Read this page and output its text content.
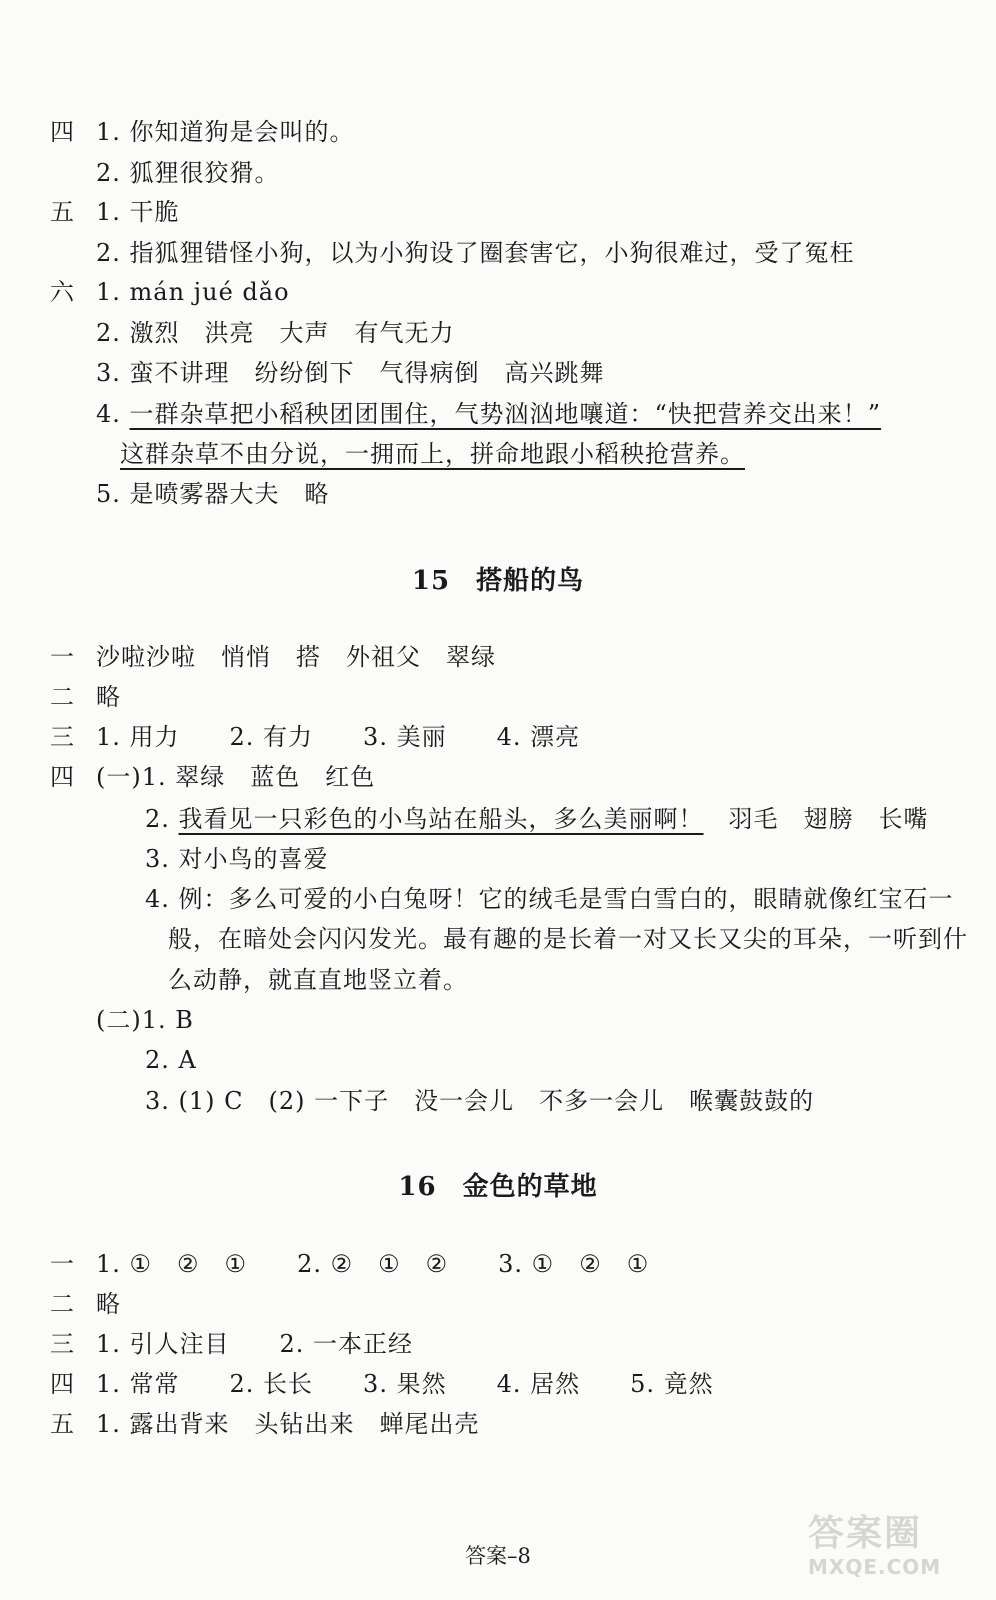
四 1. 你知道狗是会叫的。
2. 狐狸很狡猾。
五 1. 干脆
2. 指狐狸错怪小狗，以为小狗设了圈套害它，小狗很难过，受了冤枉
六 1. mán jué dǎo
2. 激烈　洪亮　大声　有气无力
3. 蛮不讲理　纷纷倒下　气得病倒　高兴跳舞
4. 一群杂草把小稻秧团团围住，气势汹汹地嚷道：“快把营养交出来！”
这群杂草不由分说，一拥而上，拼命地跟小稻秧抢营养。
5. 是喷雾器大夫　略
15 搭船的鸟
一 沙啦沙啦　悄悄　搭　外祖父　翠绿
二 略
三 1. 用力　　2. 有力　　3. 美丽　　4. 漂亮
四 (一)1. 翠绿　蓝色　红色
2. 我看见一只彩色的小鸟站在船头，多么美丽啊！　羽毛　翅膀　长嘴
3. 对小鸟的喜爱
4. 例：多么可爱的小白兔呀！它的绒毛是雪白雪白的，眼睛就像红宝石一
般，在暗处会闪闪发光。最有趣的是长着一对又长又尖的耳朵，一听到什
么动静，就直直地竖立着。
(二)1. B
2. A
3. (1) C　(2) 一下子　没一会儿　不多一会儿　喉囊鼓鼓的
16 金色的草地
一 1. ①　②　①　　2. ②　①　②　　3. ①　②　①
二 略
三 1. 引人注目　　2. 一本正经
四 1. 常常　　2. 长长　　3. 果然　　4. 居然　　5. 竟然
五 1. 露出背来　头钻出来　蝉尾出壳
答案–8
答案圈
MXQE.COM
